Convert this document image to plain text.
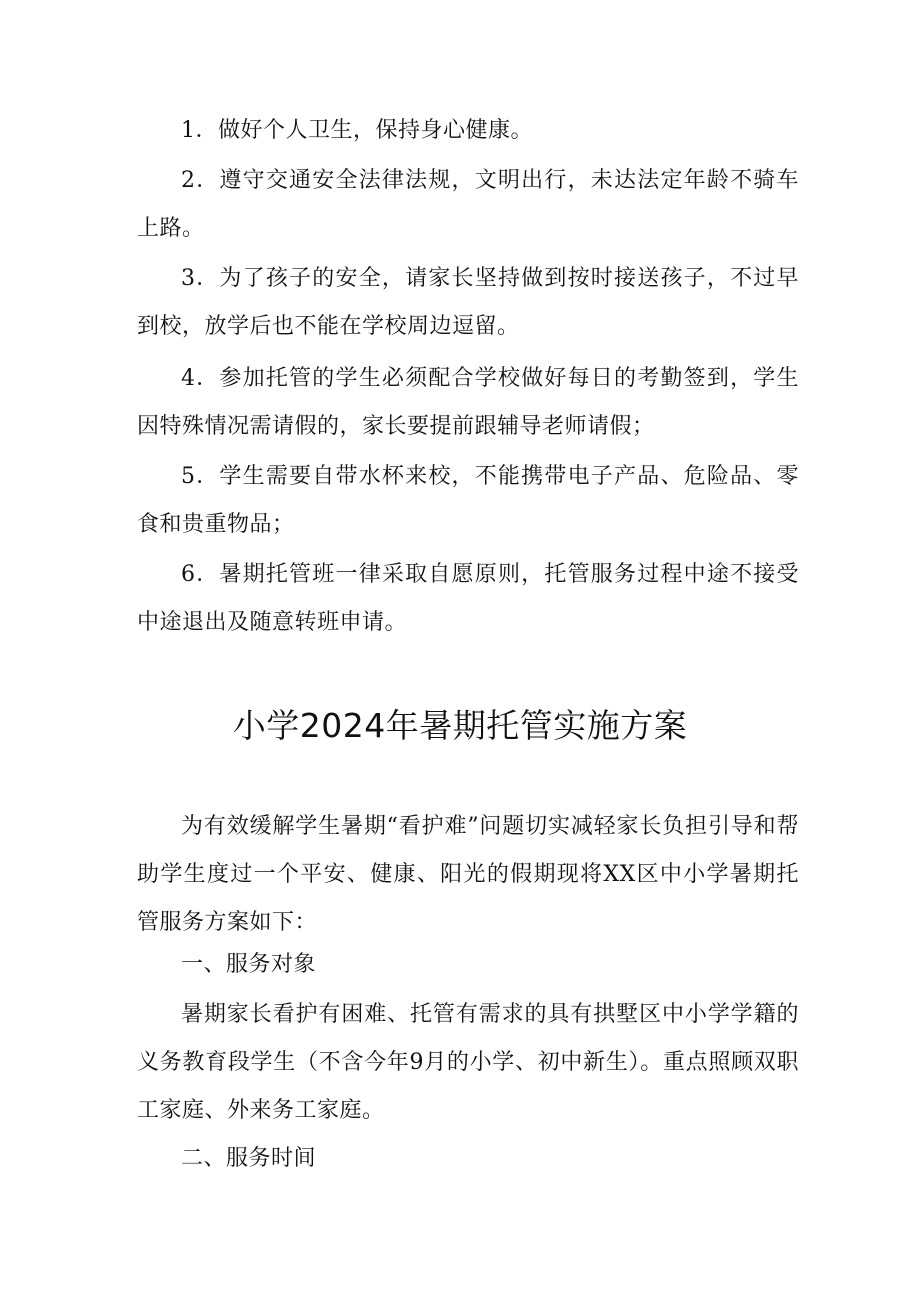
1．做好个人卫生，保持身心健康。

2．遵守交通安全法律法规，文明出行，未达法定年龄不骑车上路。

3．为了孩子的安全，请家长坚持做到按时接送孩子，不过早到校，放学后也不能在学校周边逗留。

4．参加托管的学生必须配合学校做好每日的考勤签到，学生因特殊情况需请假的，家长要提前跟辅导老师请假；

5．学生需要自带水杯来校，不能携带电子产品、危险品、零食和贵重物品；

6．暑期托管班一律采取自愿原则，托管服务过程中途不接受中途退出及随意转班申请。

小学2024年暑期托管实施方案

为有效缓解学生暑期“看护难”问题切实减轻家长负担引导和帮助学生度过一个平安、健康、阳光的假期现将XX区中小学暑期托管服务方案如下：

一、服务对象

暑期家长看护有困难、托管有需求的具有拱墅区中小学学籍的义务教育段学生（不含今年9月的小学、初中新生）。重点照顾双职工家庭、外来务工家庭。

二、服务时间
